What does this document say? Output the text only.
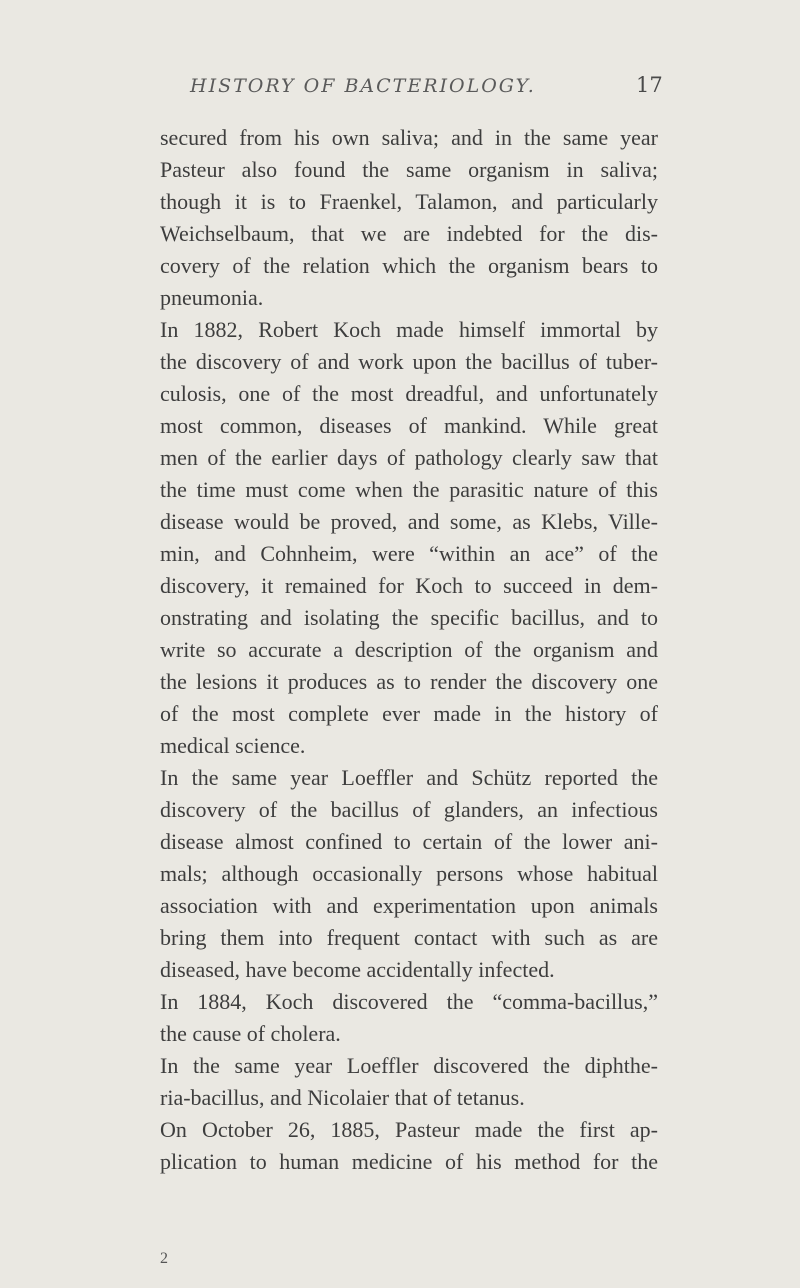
HISTORY OF BACTERIOLOGY.	17
secured from his own saliva; and in the same year
Pasteur also found the same organism in saliva;
though it is to Fraenkel, Talamon, and particularly
Weichselbaum, that we are indebted for the dis-
covery of the relation which the organism bears to
pneumonia.
In 1882, Robert Koch made himself immortal by
the discovery of and work upon the bacillus of tuber-
culosis, one of the most dreadful, and unfortunately
most common, diseases of mankind. While great
men of the earlier days of pathology clearly saw that
the time must come when the parasitic nature of this
disease would be proved, and some, as Klebs, Ville-
min, and Cohnheim, were “within an ace” of the
discovery, it remained for Koch to succeed in dem-
onstrating and isolating the specific bacillus, and to
write so accurate a description of the organism and
the lesions it produces as to render the discovery one
of the most complete ever made in the history of
medical science.
In the same year Loeffler and Schütz reported the
discovery of the bacillus of glanders, an infectious
disease almost confined to certain of the lower ani-
mals; although occasionally persons whose habitual
association with and experimentation upon animals
bring them into frequent contact with such as are
diseased, have become accidentally infected.
In 1884, Koch discovered the “comma-bacillus,”
the cause of cholera.
In the same year Loeffler discovered the diphthe-
ria-bacillus, and Nicolaier that of tetanus.
On October 26, 1885, Pasteur made the first ap-
plication to human medicine of his method for the
2
